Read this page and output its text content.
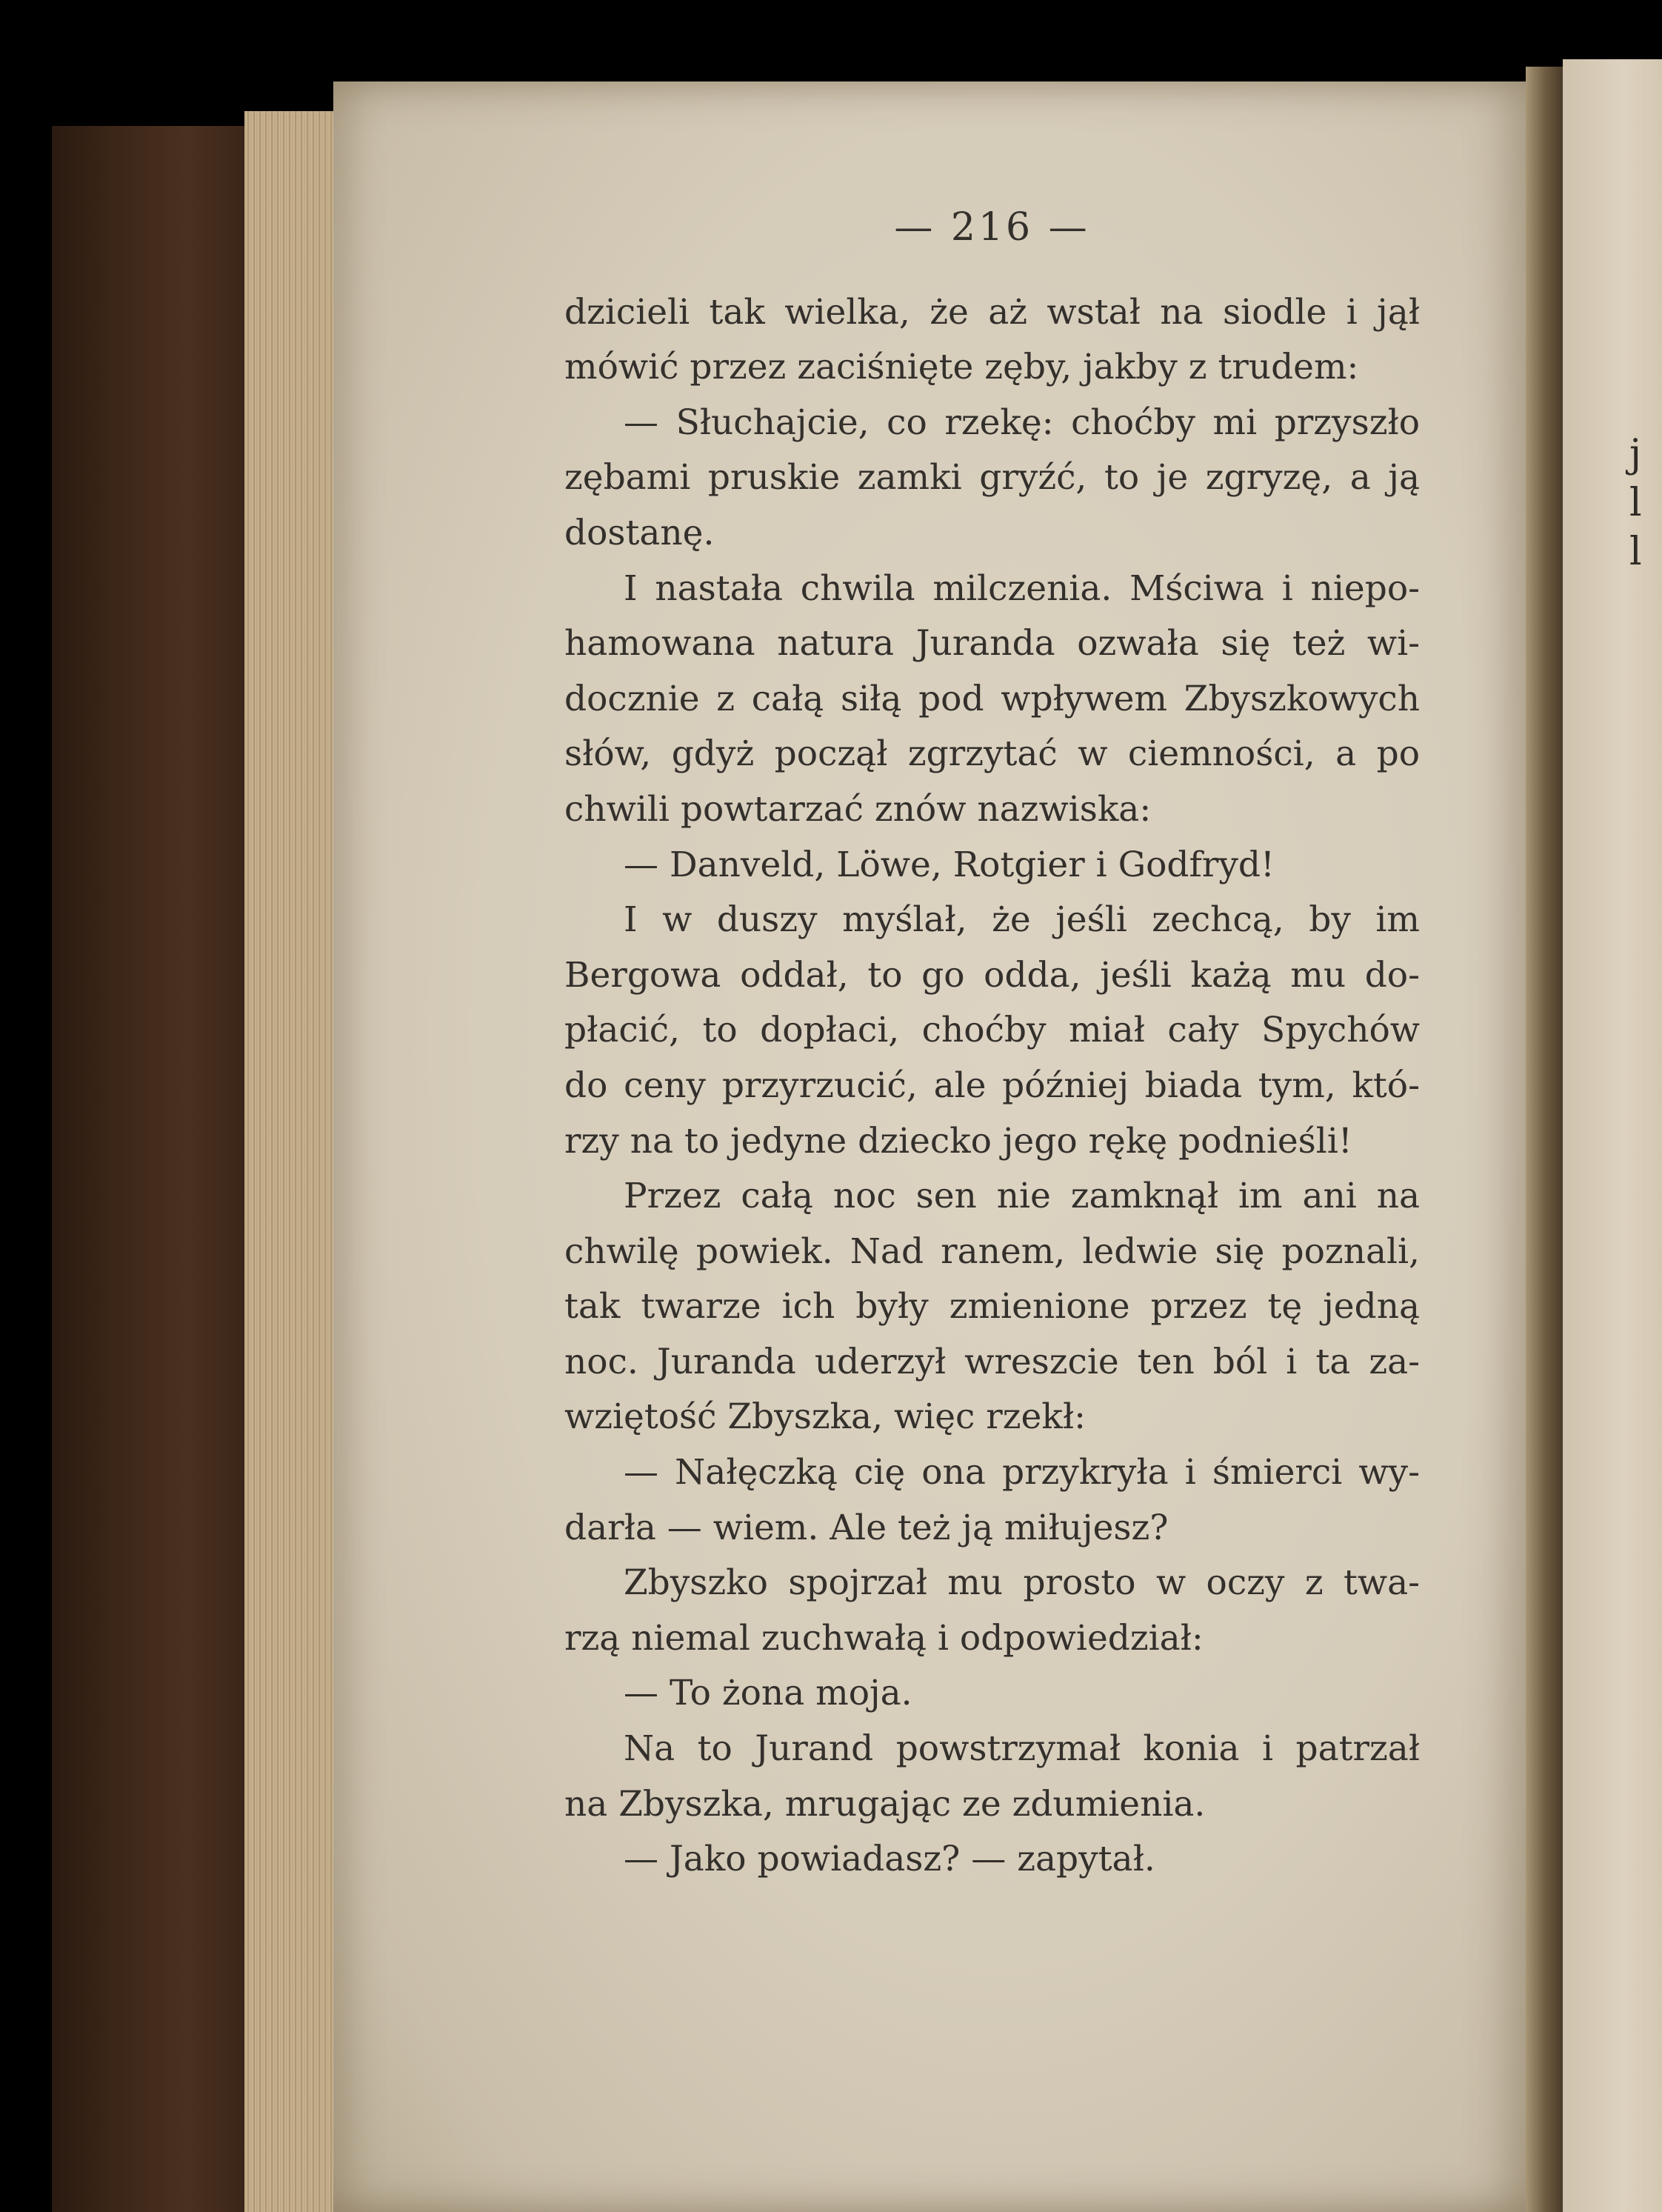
j
l
l
— 216 —
dzicieli tak wielka, że aż wstał na siodle i jął
mówić przez zaciśnięte zęby, jakby z trudem:
— Słuchajcie, co rzekę: choćby mi przyszło
zębami pruskie zamki gryźć, to je zgryzę, a ją
dostanę.
I nastała chwila milczenia. Mściwa i niepo-
hamowana natura Juranda ozwała się też wi-
docznie z całą siłą pod wpływem Zbyszkowych
słów, gdyż począł zgrzytać w ciemności, a po
chwili powtarzać znów nazwiska:
— Danveld, Löwe, Rotgier i Godfryd!
I w duszy myślał, że jeśli zechcą, by im
Bergowa oddał, to go odda, jeśli każą mu do-
płacić, to dopłaci, choćby miał cały Spychów
do ceny przyrzucić, ale później biada tym, któ-
rzy na to jedyne dziecko jego rękę podnieśli!
Przez całą noc sen nie zamknął im ani na
chwilę powiek. Nad ranem, ledwie się poznali,
tak twarze ich były zmienione przez tę jedną
noc. Juranda uderzył wreszcie ten ból i ta za-
wziętość Zbyszka, więc rzekł:
— Nałęczką cię ona przykryła i śmierci wy-
darła — wiem. Ale też ją miłujesz?
Zbyszko spojrzał mu prosto w oczy z twa-
rzą niemal zuchwałą i odpowiedział:
— To żona moja.
Na to Jurand powstrzymał konia i patrzał
na Zbyszka, mrugając ze zdumienia.
— Jako powiadasz? — zapytał.
